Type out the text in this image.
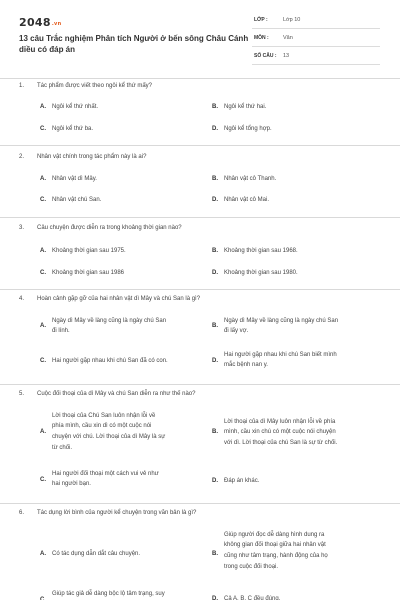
2048.vn
13 câu Trắc nghiệm Phân tích Người ở bến sông Châu Cánh diều có đáp án
LỚP :	Lớp 10
MÔN :	Văn
SỐ CÂU : 13
1. Tác phẩm được viết theo ngôi kể thứ mấy?
A. Ngôi kể thứ nhất.	B. Ngôi kể thứ hai.
C. Ngôi kể thứ ba.	D. Ngôi kể tổng hợp.
2. Nhân vật chính trong tác phẩm này là ai?
A. Nhân vật dì Mây.	B. Nhân vật cô Thanh.
C. Nhân vật chú San.	D. Nhân vật cô Mai.
3. Câu chuyện được diễn ra trong khoảng thời gian nào?
A. Khoảng thời gian sau 1975.	B. Khoảng thời gian sau 1968.
C. Khoảng thời gian sau 1986	D. Khoảng thời gian sau 1980.
4. Hoàn cảnh gặp gỡ của hai nhân vật dì Mây và chú San là gì?
A.
Ngày dì Mây về làng cũng là ngày chú San
đi lính.
B.
Ngày dì Mây về làng cũng là ngày chú San
đi lấy vợ.
C. Hai người gặp nhau khi chú San đã có con.	D.
Hai người gặp nhau khi chú San biết mình
mắc bệnh nan y.
5. Cuộc đối thoại của dì Mây và chú San diễn ra như thế nào?
A.
Lời thoại của Chú San luôn nhận lỗi về
phía mình, cầu xin dì có một cuộc nói
chuyện với chú. Lời thoại của dì Mây là sự
từ chối.
B.
Lời thoại của dì Mây luôn nhận lỗi về phía
mình, cầu xin chú có một cuộc nói chuyện
với dì. Lời thoại của chú San là sự từ chối.
C.
Hai người đối thoại một cách vui vẻ như
hai người bạn.	D. Đáp án khác.
6. Tác dụng lời bình của người kể chuyện trong văn bản là gì?
A. Có tác dụng dẫn dắt câu chuyện.	B.
Giúp người đọc dễ dàng hình dung ra
không gian đối thoại giữa hai nhân vật
cũng như tâm trạng, hành động của họ
trong cuộc đối thoại.
C.
Giúp tác giả dễ dàng bộc lộ tâm trạng, suy
D. Cả A, B, C đều đúng.
